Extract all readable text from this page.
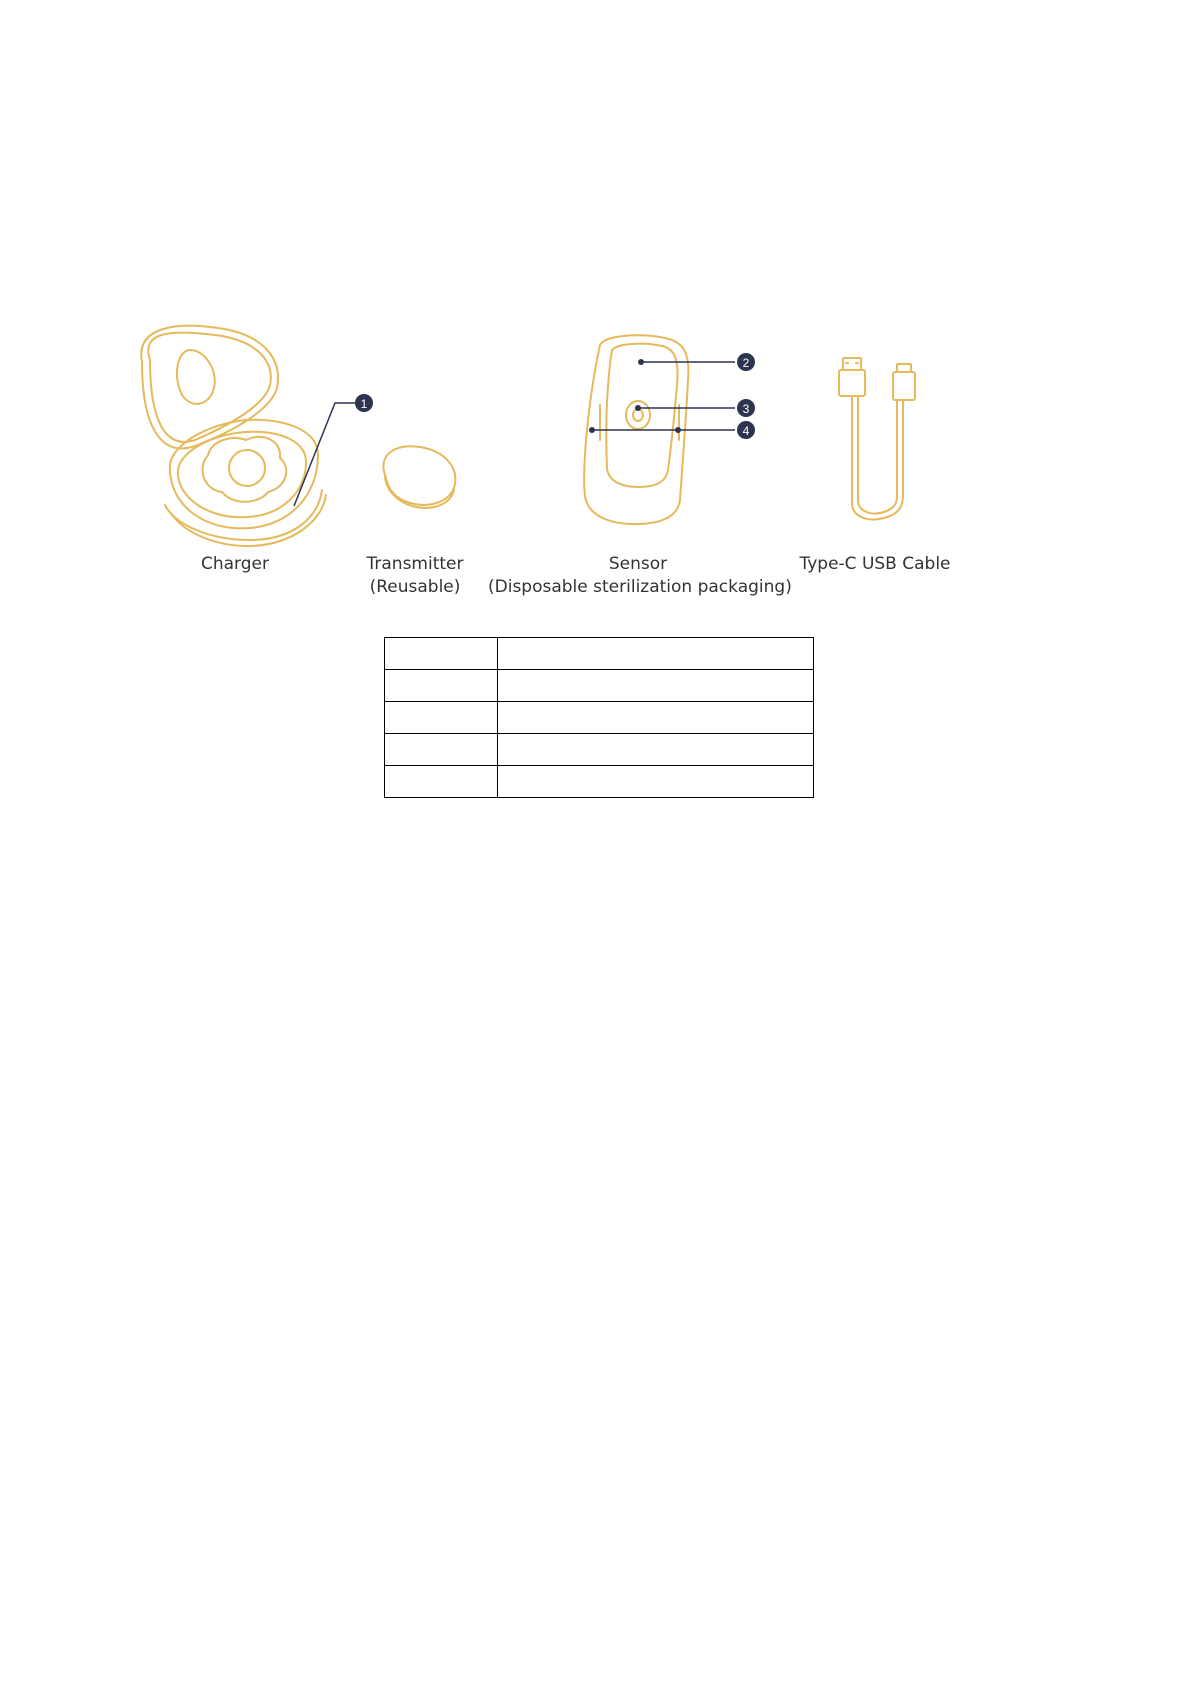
1
2
3
4
Charger	Transmitter
(Reusable)
Sensor
(Disposable sterilization packaging)
Type-C USB Cable
